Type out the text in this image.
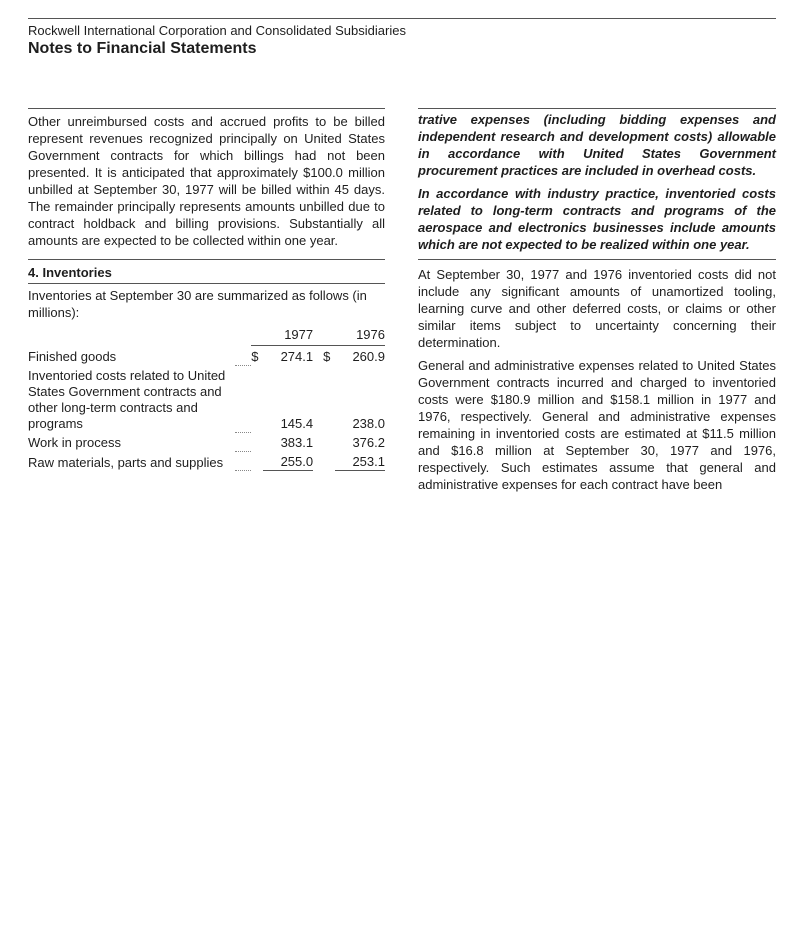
Rockwell International Corporation and Consolidated Subsidiaries
Notes to Financial Statements

Other unreimbursed costs and accrued profits to be billed represent revenues recognized principally on United States Government contracts for which billings had not been presented. It is anticipated that approximately $100.0 million unbilled at September 30, 1977 will be billed within 45 days. The remainder principally represents amounts unbilled due to contract holdback and billing provisions. Substantially all amounts are expected to be collected within one year.

4. Inventories

Inventories at September 30 are summarized as follows (in millions):

		1977		1976	
Finished goods		$	274.1	$	260.9
Inventoried costs related to United States Government contracts and other long-term contracts and programs			145.4		238.0
Work in process			383.1		376.2
Raw materials, parts and supplies			255.0		253.1

trative expenses (including bidding expenses and independent research and development costs) allowable in accordance with United States Government procurement practices are included in overhead costs.

In accordance with industry practice, inventoried costs related to long-term contracts and programs of the aerospace and electronics businesses include amounts which are not expected to be realized within one year.

At September 30, 1977 and 1976 inventoried costs did not include any significant amounts of unamortized tooling, learning curve and other deferred costs, or claims or other similar items subject to uncertainty concerning their determination.

General and administrative expenses related to United States Government contracts incurred and charged to inventoried costs were $180.9 million and $158.1 million in 1977 and 1976, respectively. General and administrative expenses remaining in inventoried costs are estimated at $11.5 million and $16.8 million at September 30, 1977 and 1976, respectively. Such estimates assume that general and administrative expenses for each contract have been
